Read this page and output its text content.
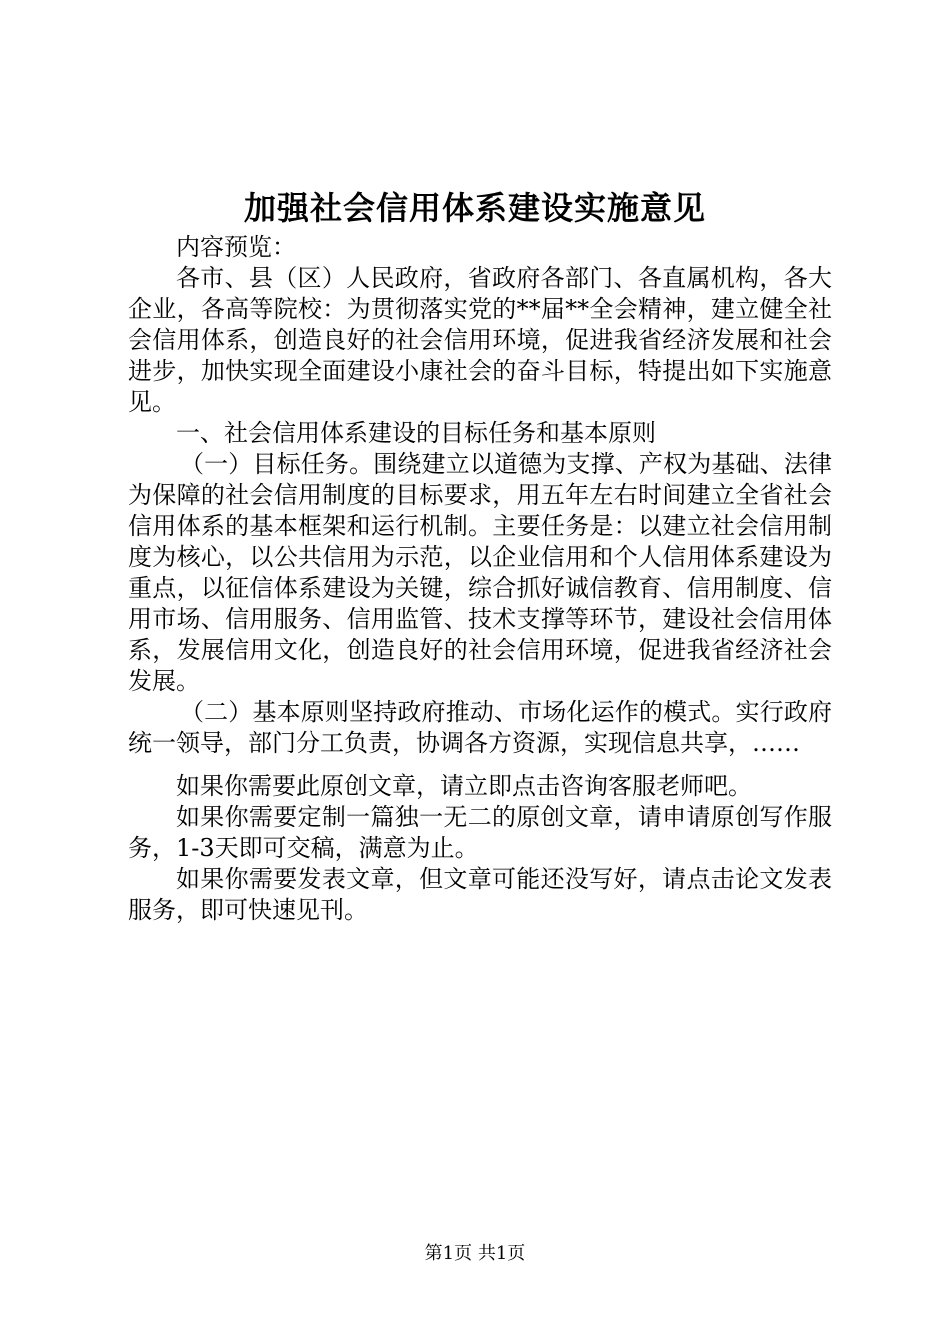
加强社会信用体系建设实施意见

内容预览：

各市、县（区）人民政府，省政府各部门、各直属机构，各大企业，各高等院校：为贯彻落实党的**届**全会精神，建立健全社会信用体系，创造良好的社会信用环境，促进我省经济发展和社会进步，加快实现全面建设小康社会的奋斗目标，特提出如下实施意见。

一、社会信用体系建设的目标任务和基本原则

（一）目标任务。围绕建立以道德为支撑、产权为基础、法律为保障的社会信用制度的目标要求，用五年左右时间建立全省社会信用体系的基本框架和运行机制。主要任务是：以建立社会信用制度为核心，以公共信用为示范，以企业信用和个人信用体系建设为重点，以征信体系建设为关键，综合抓好诚信教育、信用制度、信用市场、信用服务、信用监管、技术支撑等环节，建设社会信用体系，发展信用文化，创造良好的社会信用环境，促进我省经济社会发展。

（二）基本原则坚持政府推动、市场化运作的模式。实行政府统一领导，部门分工负责，协调各方资源，实现信息共享，……

如果你需要此原创文章，请立即点击咨询客服老师吧。

如果你需要定制一篇独一无二的原创文章，请申请原创写作服务，1-3天即可交稿，满意为止。

如果你需要发表文章，但文章可能还没写好，请点击论文发表服务，即可快速见刊。

第1页 共1页
